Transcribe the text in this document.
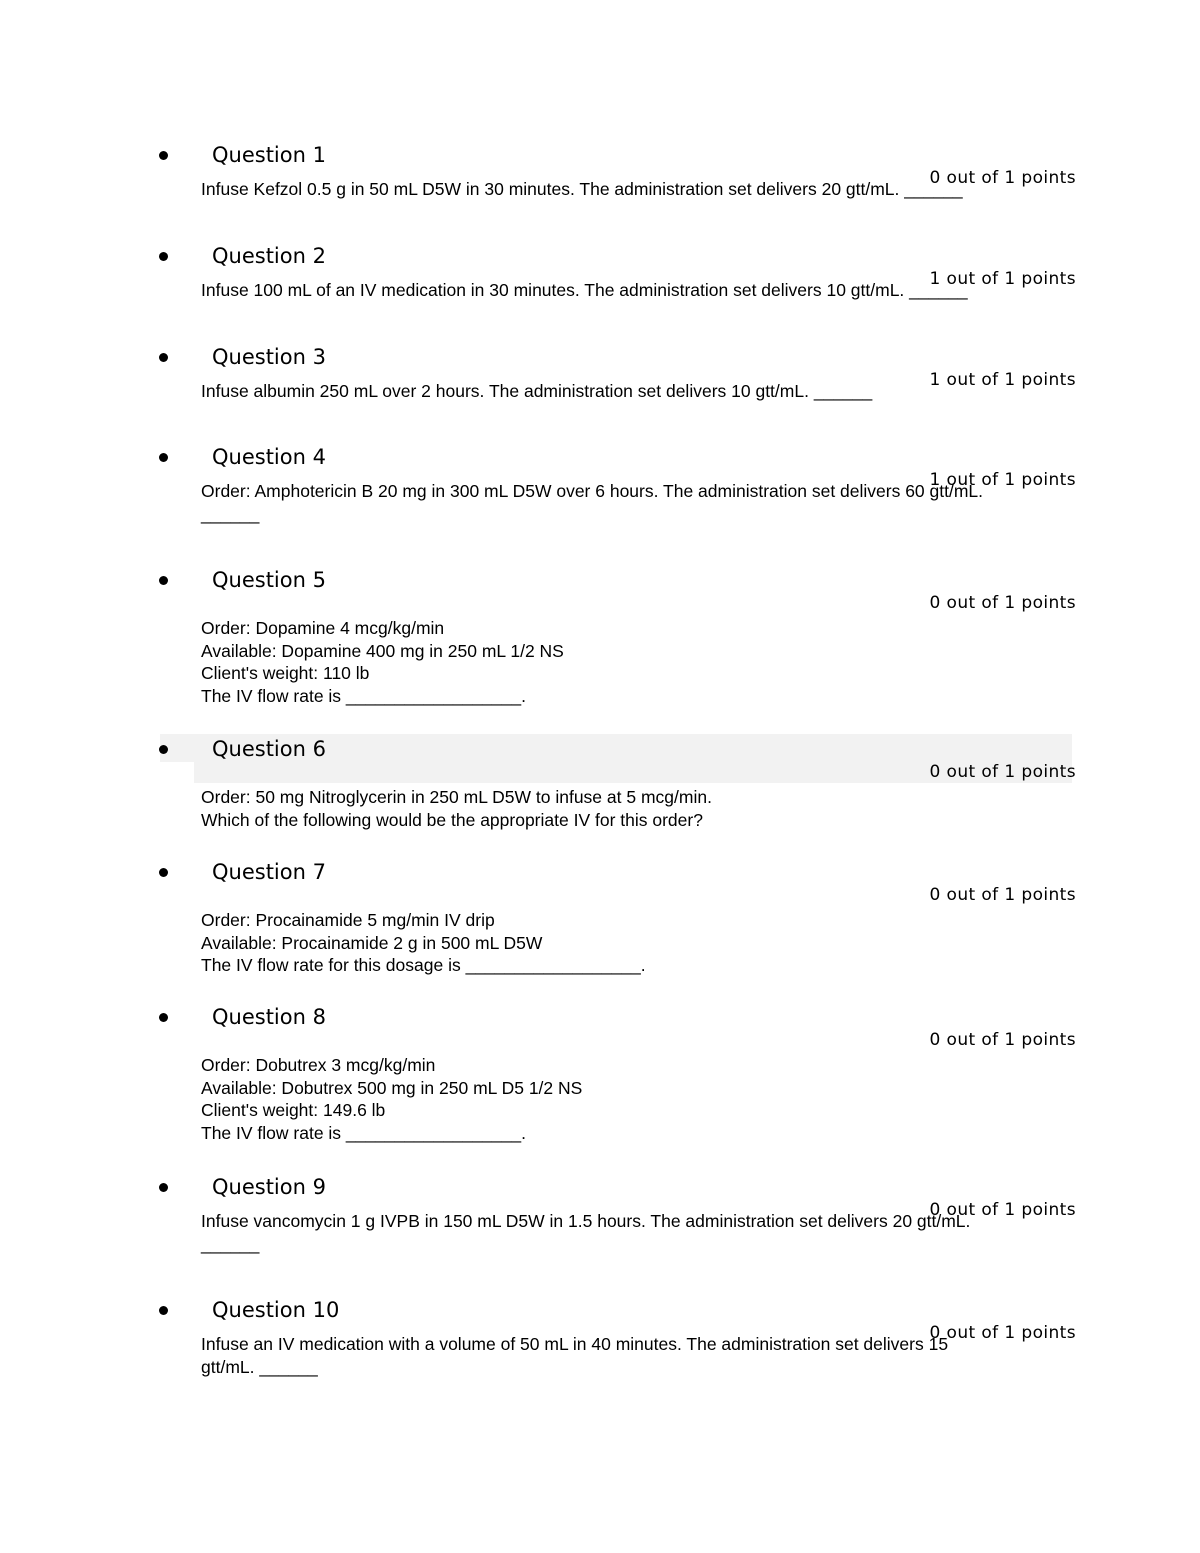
Question 1
0 out of 1 points
Infuse Kefzol 0.5 g in 50 mL D5W in 30 minutes. The administration set delivers 20 gtt/mL. ______
Question 2
1 out of 1 points
Infuse 100 mL of an IV medication in 30 minutes. The administration set delivers 10 gtt/mL. ______
Question 3
1 out of 1 points
Infuse albumin 250 mL over 2 hours. The administration set delivers 10 gtt/mL. ______
Question 4
1 out of 1 points
Order: Amphotericin B 20 mg in 300 mL D5W over 6 hours. The administration set delivers 60 gtt/mL.
______
Question 5
0 out of 1 points
Order: Dopamine 4 mcg/kg/min
Available: Dopamine 400 mg in 250 mL 1/2 NS
Client's weight: 110 lb
The IV flow rate is __________________.
Question 6
0 out of 1 points
Order: 50 mg Nitroglycerin in 250 mL D5W to infuse at 5 mcg/min.
Which of the following would be the appropriate IV for this order?
Question 7
0 out of 1 points
Order: Procainamide 5 mg/min IV drip
Available: Procainamide 2 g in 500 mL D5W
The IV flow rate for this dosage is __________________.
Question 8
0 out of 1 points
Order: Dobutrex 3 mcg/kg/min
Available: Dobutrex 500 mg in 250 mL D5 1/2 NS
Client's weight: 149.6 lb
The IV flow rate is __________________.
Question 9
0 out of 1 points
Infuse vancomycin 1 g IVPB in 150 mL D5W in 1.5 hours. The administration set delivers 20 gtt/mL.
______
Question 10
0 out of 1 points
Infuse an IV medication with a volume of 50 mL in 40 minutes. The administration set delivers 15
gtt/mL. ______
